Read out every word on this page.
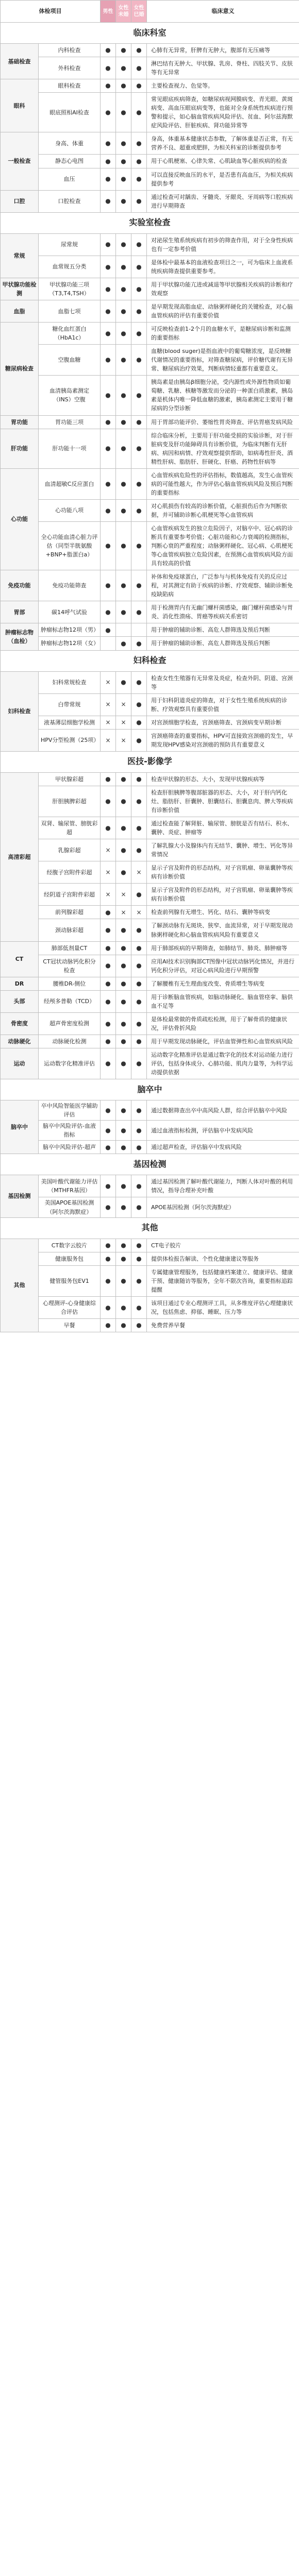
体检项目		男性	女性未婚	女性已婚	临床意义
临床科室					
基础检查	内科检查	●	●	●	心肺有无异常，肝脾有无肿大，腹部有无压痛等
	外科检查	●	●	●	淋巴结有无肿大、甲状腺、乳房、脊柱、四肢关节、皮肤等有无异常
眼科	眼科检查	●	●	●	主要检查视力、色觉等。
	眼底照相AI检查	●	●	●	常见眼底疾病筛查，如糖尿病视网膜病变、青光眼、黄斑病变、高血压眼底病变等，也能对全身系统性疾病进行预警和提示，如心脑血管疾病风险评估、贫血、阿尔兹海默症风险评估、肝脏疾病、肾功能异常等
一般检查	身高、体重	●	●	●	身高，体重基本健康状态参数，了解体重是否正常，有无营养不良、超重或肥胖，为相关科室的诊断提供参考
	静态心电图	●	●	●	用于心肌梗塞、心律失常、心肌缺血等心脏疾病的检查
	血压	●	●	●	可以直接反映血压的水平，是否患有高血压，为相关疾病提供参考
口腔	口腔检查	●	●	●	通过检查可对龋齿、牙髓炎、牙龈炎、牙周病等口腔疾病进行早期筛查
实验室检查					
常规	尿常规	●	●	●	对泌尿生殖系统疾病有初步的筛查作用，对于全身性疾病也有一定参考价值
	血常规五分类	●	●	●	是体检中最基本的血液检查项目之一，可为临床上血液系统疾病筛查提供重要参考。
甲状腺功能检测	甲状腺功能三项（T3,T4,TSH）	●	●	●	用于甲状腺功能亢进或减退等甲状腺相关疾病的诊断和疗效观察
血脂	血脂七项	●	●	●	是早期发现高脂血症、动脉粥样硬化的关键检查，对心脑血管疾病的评估有重要价值
糖尿病检查	糖化血红蛋白（HbA1c）	●	●	●	可反映检查前1-2个月的血糖水平，是糖尿病诊断和监测的重要指标
	空腹血糖	●	●	●	血糖(blood suger)是指血液中的葡萄糖浓度，是反映糖代谢情况的重要指标，对筛查糖尿病，评价糖代谢有无异常、糖尿病治疗效果，判断病情轻重都有重要意义。
	血清胰岛素测定（INS）空腹	●	●	●	胰岛素是由胰岛β细胞分泌，受内源性或外源性物质如葡萄糖、乳糖、核糖等激发而分泌的一种蛋白质激素，胰岛素是机体内唯一降低血糖的激素，胰岛素测定主要用于糖尿病的分型诊断
胃功能	胃功能三项	●	●	●	用于胃部功能评价、萎缩性胃炎筛查、评估胃癌发病风险
肝功能	肝功能十一项	●	●	●	综合临床分析，主要用于肝功能受损的实验诊断，对于肝脏病变及肝功能障碍具有诊断价值，为临床判断有无肝病、病因和病情、疗效观察提供帮助，如病毒性肝炎、酒精性肝病、脂肪肝、肝硬化、肝癌、药物性肝病等
心功能	血清超敏C反应蛋白	●	●	●	心血管疾病危险性的评估指标，数值越高，发生心血管疾病的可能性越大，作为评估心脑血管疾病风险及预后判断的重要指标
	心功能八项	●	●	●	对心肌损伤有较高的诊断价值，心脏损伤后作为判断依据，并可辅助诊断心肌梗死等心血管疾病
	全心功能血清心脏力评估（同型半胱氨酸+BNP+脂蛋白a）	●	●	●	心血管疾病发生的独立危险因子，对脑卒中、冠心病的诊断具有重要参考价值；心脏功能和心力衰竭的检测指标，判断心衰的严重程度；动脉粥样硬化、冠心病、心肌梗死等心血管疾病独立危险因素，在预测心血管疾病风险方面具有较高的价值
免疫功能	免疫功能筛查	●	●	●	补体和免疫球蛋白，广泛参与与机体免疫有关的反应过程，对其测定有助于疾病的诊断、疗效观察、辅助诊断免疫缺陷病
胃部	碳14呼气试验	●	●	●	用于检测胃内有无幽门螺杆菌感染，幽门螺杆菌感染与胃炎、消化性溃疡、胃癌等疾病关系密切
肿瘤标志物（血检）	肿瘤标志物12项（男）	●			用于肿瘤的辅助诊断、高危人群筛选及预后判断
	肿瘤标志物12项（女）		●	●	用于肿瘤的辅助诊断、高危人群筛选及预后判断
妇科检查					
妇科检查	妇科常规检查	×	●	●	检查女性生殖器有无异常及炎症，检查外阴、阴道、宫颈等
	白带常规	×	×	●	用于妇科阴道炎症的筛查，对于女性生殖系统疾病的诊断、疗效观察具有重要价值
	液基薄层细胞学检测	×	×	●	对宫颈细胞学检查，宫颈癌筛查、宫颈病变早期诊断
	HPV分型检测（25项）	×	×	●	宫颈癌筛查的重要指标，HPV可直接致宫颈癌的发生，早期发现HPV感染对宫颈癌的预防具有重要意义
医技-影像学					
高清彩超	甲状腺彩超	●	●	●	检查甲状腺的形态、大小，发现甲状腺疾病等
	肝胆胰脾彩超	●	●	●	检查肝胆胰脾等腹部脏器的形态、大小，对于肝内钙化灶、脂肪肝、肝囊肿、胆囊结石、胆囊息肉、脾大等疾病有诊断价值
	双肾、输尿管、膀胱彩超	●	●	●	通过检查能了解肾脏、输尿管、膀胱是否有结石、积水、囊肿、炎症、肿瘤等
	乳腺彩超	×	●	●	了解乳腺大小及腺体内有无结节、囊肿、增生、钙化等异常情况
	经腹子宫附件彩超	×	●	×	显示子宫及附件的形态结构，对子宫肌瘤、卵巢囊肿等疾病有诊断价值
	经阴道子宫附件彩超	×	×	●	显示子宫及附件的形态结构，对子宫肌瘤、卵巢囊肿等疾病有诊断价值
	前列腺彩超	●	×	×	检查前列腺有无增生、钙化、结石、囊肿等病变
	颈动脉彩超	●	●	●	了解颈动脉有无斑块、狭窄、血流异常，对于早期发现动脉粥样硬化和心脑血管疾病风险有重要意义
CT	肺部低剂量CT	●	●	●	用于肺部疾病的早期筛查，如肺结节、肺炎、肺肿瘤等
	CT冠状动脉钙化积分检查	●	●	●	应用AI技术识别胸部CT图像中冠状动脉钙化情况，并进行钙化积分评估，对冠心病风险进行早期预警
DR	腰椎DR-侧位	●	●	●	了解腰椎有无生理曲度改变、骨质增生等病变
头部	经颅多普勒（TCD）	●	●	●	用于诊断脑血管疾病，如脑动脉硬化、脑血管痉挛、脑供血不足等
骨密度	超声骨密度检测	●	●	●	是体检最常做的骨质疏松检测，用于了解骨质的健康状况，评估骨折风险
动脉硬化	动脉硬化检测	●	●	●	用于早期发现动脉硬化，评估血管弹性和心血管疾病风险
运动	运动数字化精准评估	●	●	●	运动数字化精准评估是通过数字化的技术对运动能力进行评估，包括身体成分、心肺功能、肌肉力量等，为科学运动提供依据
脑卒中					
脑卒中	卒中风险智能医学辅助评估	●	●	●	通过数据筛查出卒中高风险人群，综合评估脑卒中风险
	脑卒中风险评估-血液指标	●	●	●	通过血液指标检测，评估脑卒中发病风险
	脑卒中风险评估-超声	●	●	●	通过超声检查，评估脑卒中发病风险
基因检测					
基因检测	美国叶酸代谢能力评估（MTHFR基因）	●	●	●	通过基因检测了解叶酸代谢能力，判断人体对叶酸的利用情况，指导合理补充叶酸
	美国APOE基因检测（阿尔茨海默症）	●	●	●	APOE基因检测（阿尔茨海默症）
其他					
其他	CT数字云胶片	●	●	●	CT电子胶片
	健康服务包	●	●	●	提供体检报告解读、个性化健康建议等服务
	健管服务包EV1	●	●	●	专属健康管理服务，包括健康档案建立、健康评估、健康干预、健康随访等服务，全年不限次咨询，重要指标追踪提醒
	心理测评-心身健康综合评估	●	●	●	该项目通过专业心理测评工具，从多维度评估心理健康状况，包括焦虑、抑郁、睡眠、压力等
	早餐	●	●	●	免费营养早餐
